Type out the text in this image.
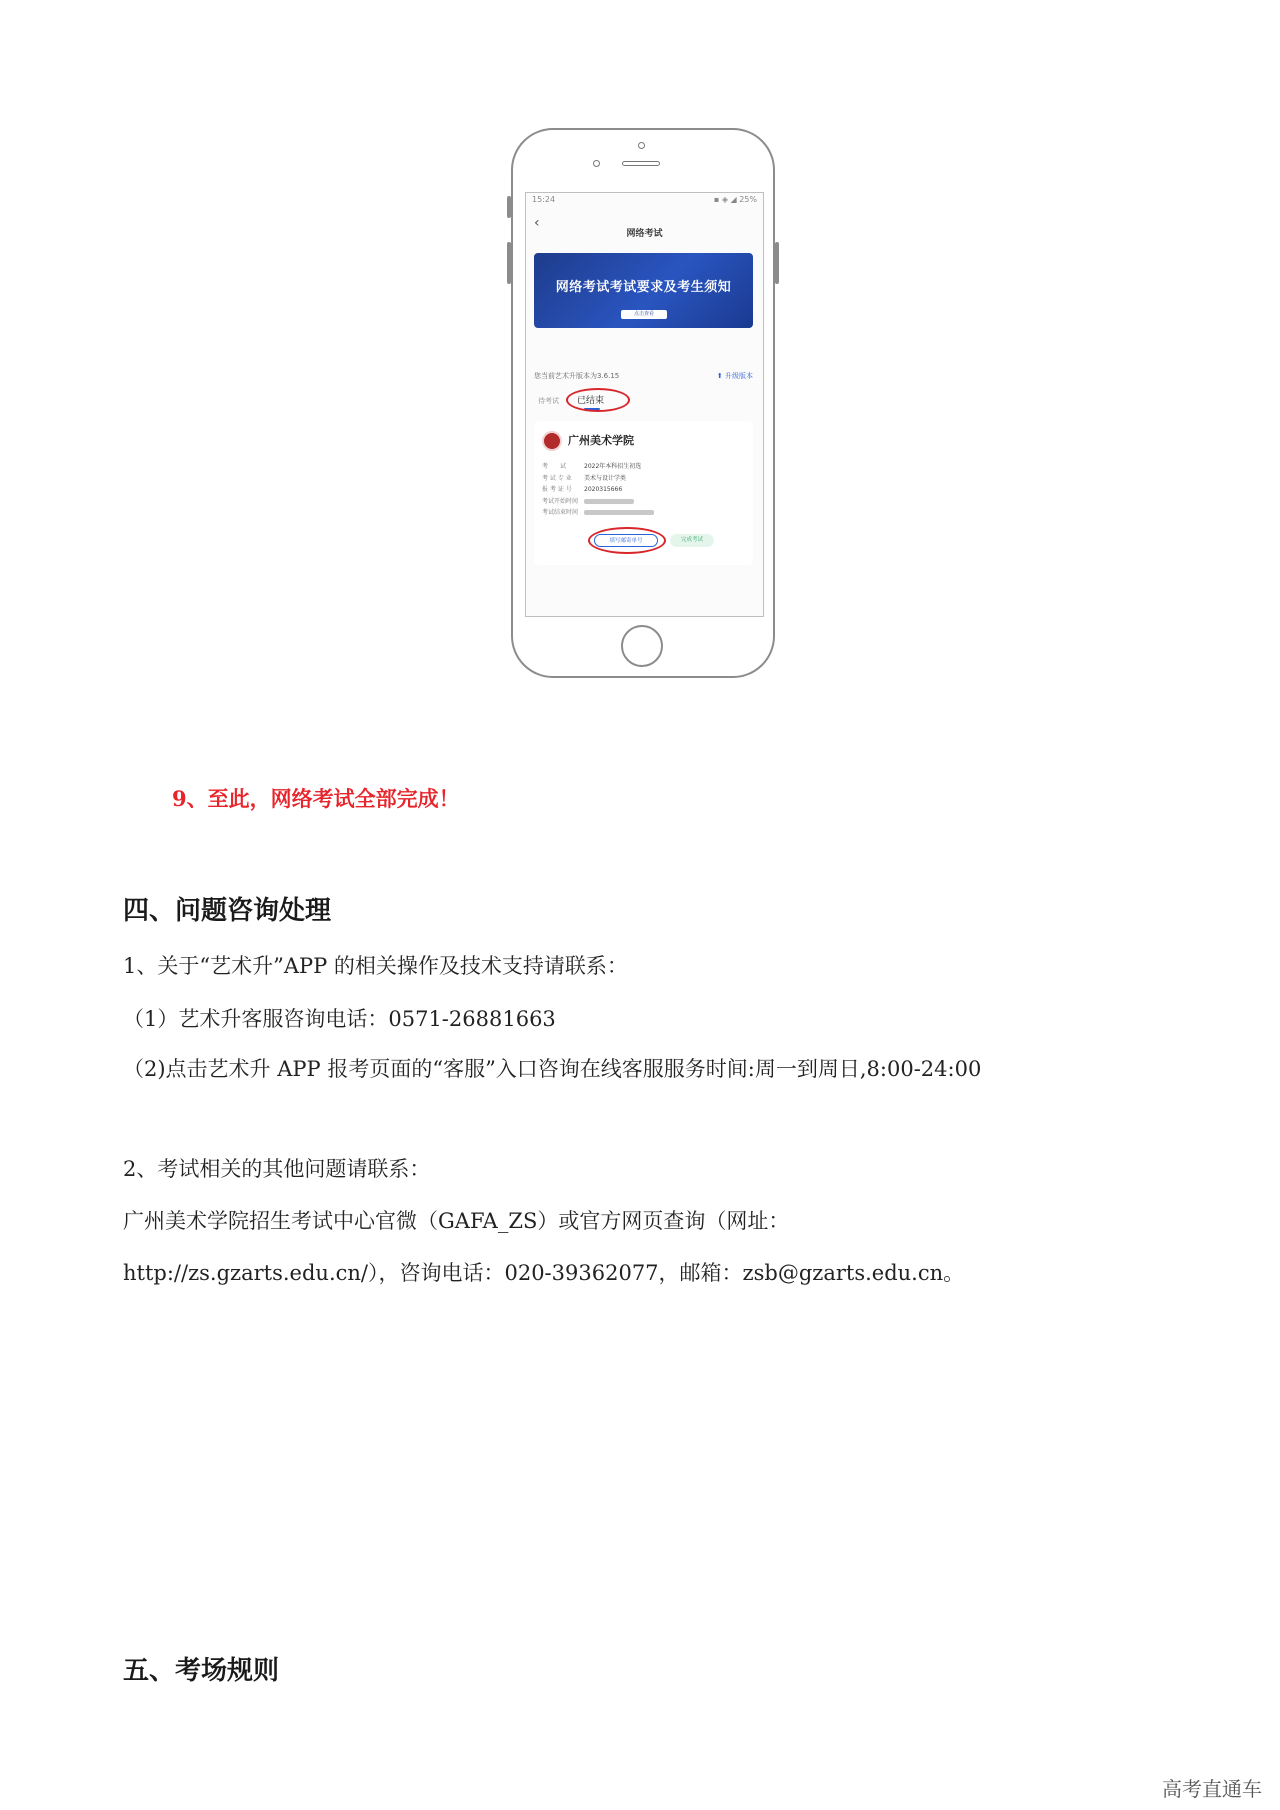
15:24	▪ ◈ ◢ 25%
‹
网络考试
网络考试考试要求及考生须知
点击查看
您当前艺术升版本为3.6.15	⬆ 升级版本
待考试 已结束
广州美术学院
考　　试	2022年本科招生初选
考 试 专 业 美术与设计学类
报 考 证 号 2020315666
考试开始时间
考试结束时间
填写邮寄单号	完成考试
9、至此，网络考试全部完成！
四、问题咨询处理
1、关于“艺术升”APP 的相关操作及技术支持请联系：
（1）艺术升客服咨询电话：0571-26881663
（2)点击艺术升 APP 报考页面的“客服”入口咨询在线客服服务时间:周一到周日,8:00-24:00
2、考试相关的其他问题请联系：
广州美术学院招生考试中心官微（GAFA_ZS）或官方网页查询（网址：
http://zs.gzarts.edu.cn/），咨询电话：020-39362077，邮箱：zsb@gzarts.edu.cn。
五、考场规则
高考直通车
